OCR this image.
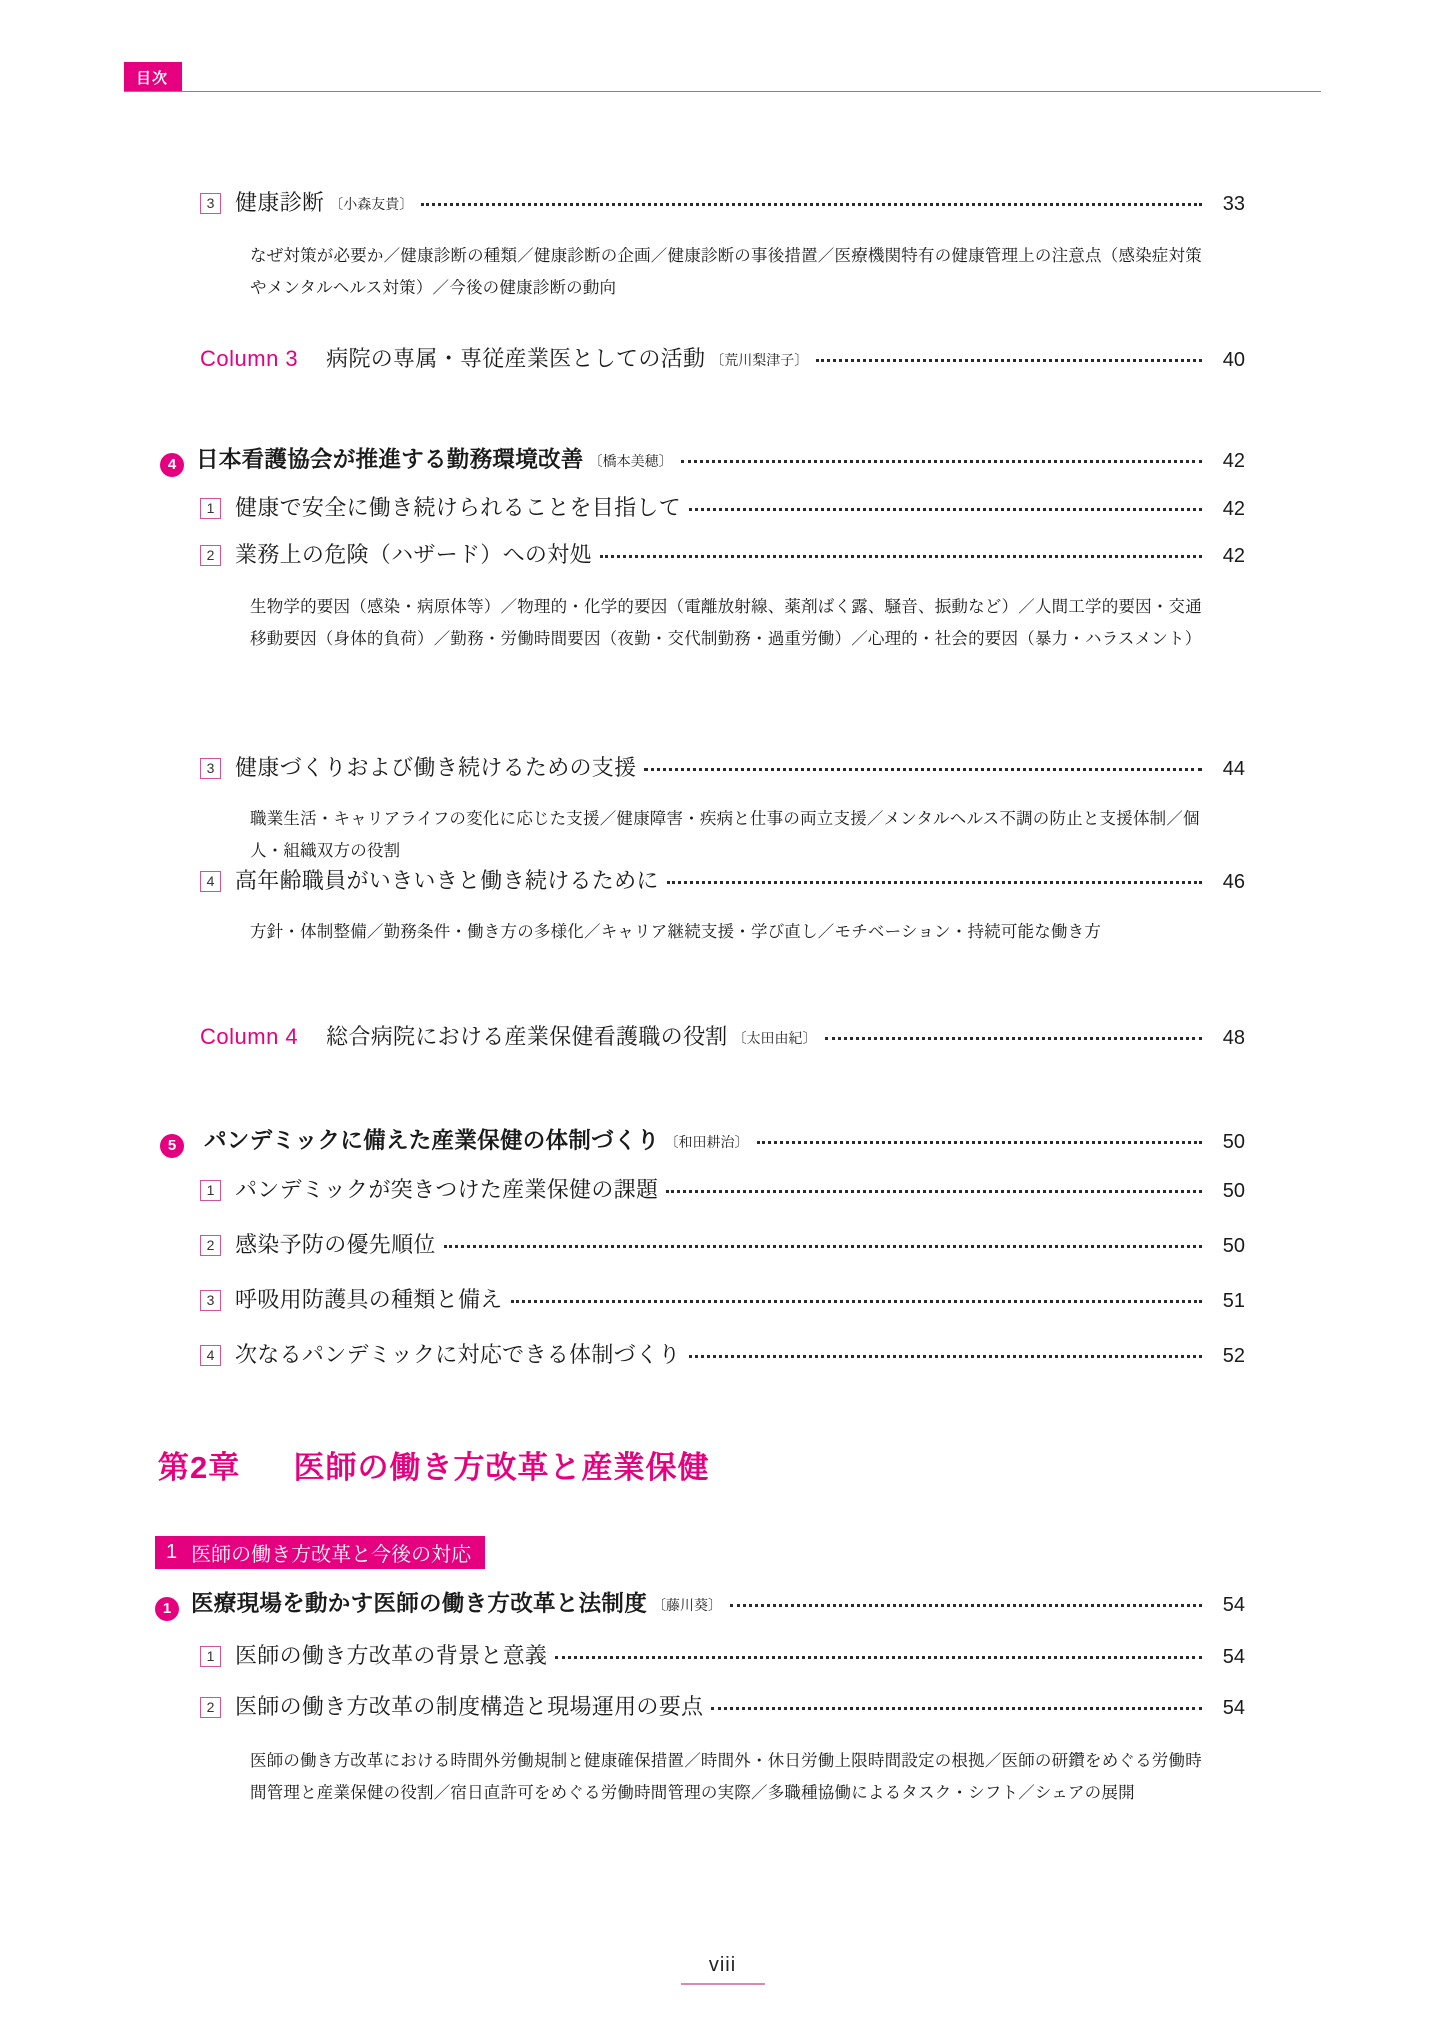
目次
3 健康診断 〔小森友貴〕	33
なぜ対策が必要か／健康診断の種類／健康診断の企画／健康診断の事後措置／医療機関特有の健康管理上の注意点（感染症対策やメンタルヘルス対策）／今後の健康診断の動向
Column 3	病院の専属・専従産業医としての活動 〔荒川梨津子〕	40
4 日本看護協会が推進する勤務環境改善 〔橋本美穂〕	42
1 健康で安全に働き続けられることを目指して	42
2 業務上の危険（ハザード）への対処	42
生物学的要因（感染・病原体等）／物理的・化学的要因（電離放射線、薬剤ばく露、騒音、振動など）／人間工学的要因・交通移動要因（身体的負荷）／勤務・労働時間要因（夜勤・交代制勤務・過重労働）／心理的・社会的要因（暴力・ハラスメント）
3 健康づくりおよび働き続けるための支援	44
職業生活・キャリアライフの変化に応じた支援／健康障害・疾病と仕事の両立支援／メンタルヘルス不調の防止と支援体制／個人・組織双方の役割
4 高年齢職員がいきいきと働き続けるために	46
方針・体制整備／勤務条件・働き方の多様化／キャリア継続支援・学び直し／モチベーション・持続可能な働き方
Column 4	総合病院における産業保健看護職の役割 〔太田由紀〕	48
5	パンデミックに備えた産業保健の体制づくり 〔和田耕治〕	50
1 パンデミックが突きつけた産業保健の課題	50
2 感染予防の優先順位	50
3 呼吸用防護具の種類と備え	51
4 次なるパンデミックに対応できる体制づくり	52
第2章 医師の働き方改革と産業保健
1 医師の働き方改革と今後の対応
1 医療現場を動かす医師の働き方改革と法制度 〔藤川葵〕	54
1 医師の働き方改革の背景と意義	54
2 医師の働き方改革の制度構造と現場運用の要点	54
医師の働き方改革における時間外労働規制と健康確保措置／時間外・休日労働上限時間設定の根拠／医師の研鑽をめぐる労働時間管理と産業保健の役割／宿日直許可をめぐる労働時間管理の実際／多職種協働によるタスク・シフト／シェアの展開
viii
